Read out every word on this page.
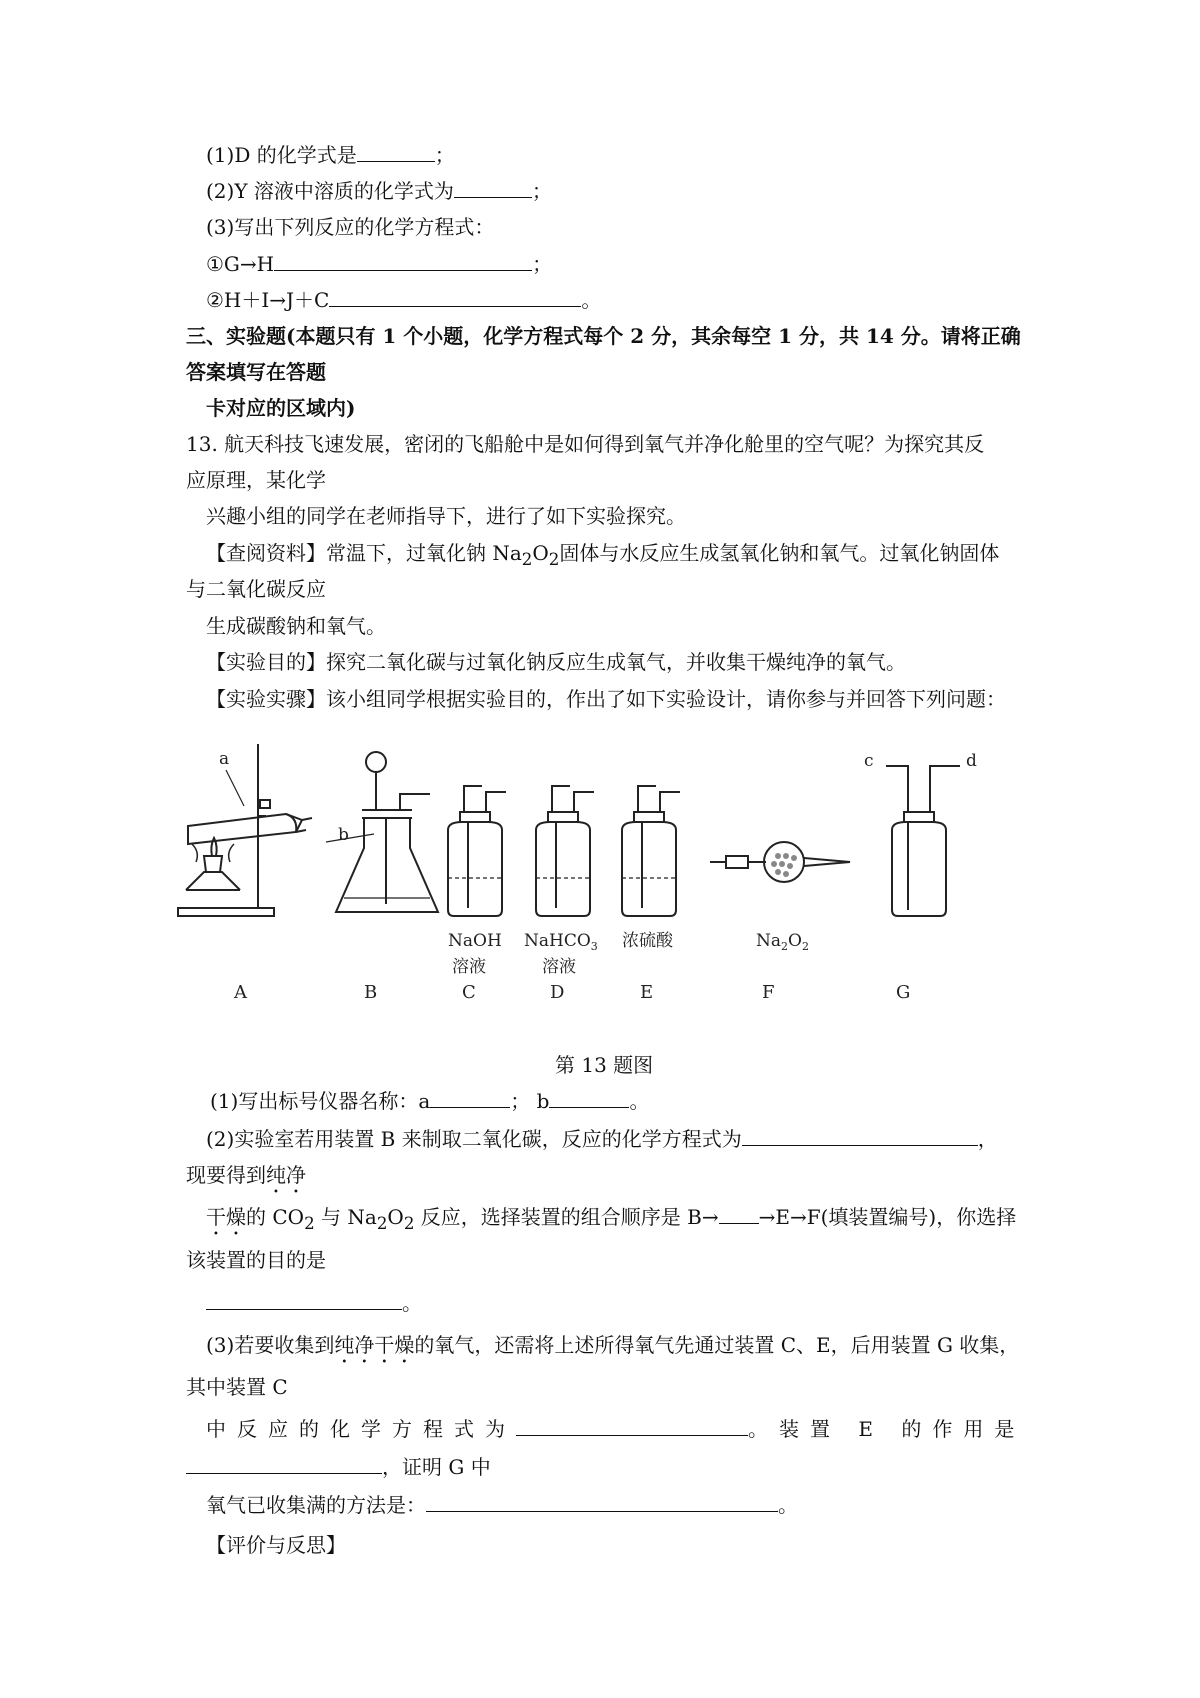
(1)D 的化学式是	；
(2)Y 溶液中溶质的化学式为	；
(3)写出下列反应的化学方程式：
①G→H	；
②H＋I→J＋C	。
三、实验题(本题只有 1 个小题，化学方程式每个 2 分，其余每空 1 分，共 14 分。请将正确
答案填写在答题
卡对应的区域内)
13. 航天科技飞速发展，密闭的飞船舱中是如何得到氧气并净化舱里的空气呢？为探究其反
应原理，某化学
兴趣小组的同学在老师指导下，进行了如下实验探究。
【查阅资料】常温下，过氧化钠 $Na_2O_2$固体与水反应生成氢氧化钠和氧气。过氧化钠固体
与二氧化碳反应
生成碳酸钠和氧气。
【实验目的】探究二氧化碳与过氧化钠反应生成氧气，并收集干燥纯净的氧气。
【实验实骤】该小组同学根据实验目的，作出了如下实验设计，请你参与并回答下列问题：
a
b
c	d
NaOH
溶液
NaHCO$_3$
溶液
浓硫酸	$Na_2O_2$
A	B	C	D	E	F	G
第 13 题图
(1)写出标号仪器名称：a	； b	。
(2)实验室若用装置 B 来制取二氧化碳，反应的化学方程式为	，
现要得到纯净
干燥的 $CO_2$ 与 $Na_2O_2$ 反应，选择装置的组合顺序是 B→ →E→F(填装置编号)，你选择
该装置的目的是
。
(3)若要收集到纯净干燥的氧气，还需将上述所得氧气先通过装置 C、E，后用装置 G 收集，
其中装置 C
中反应的化学方程式为	。装置 E 的作用是
，证明 G 中
氧气已收集满的方法是：	。
【评价与反思】
